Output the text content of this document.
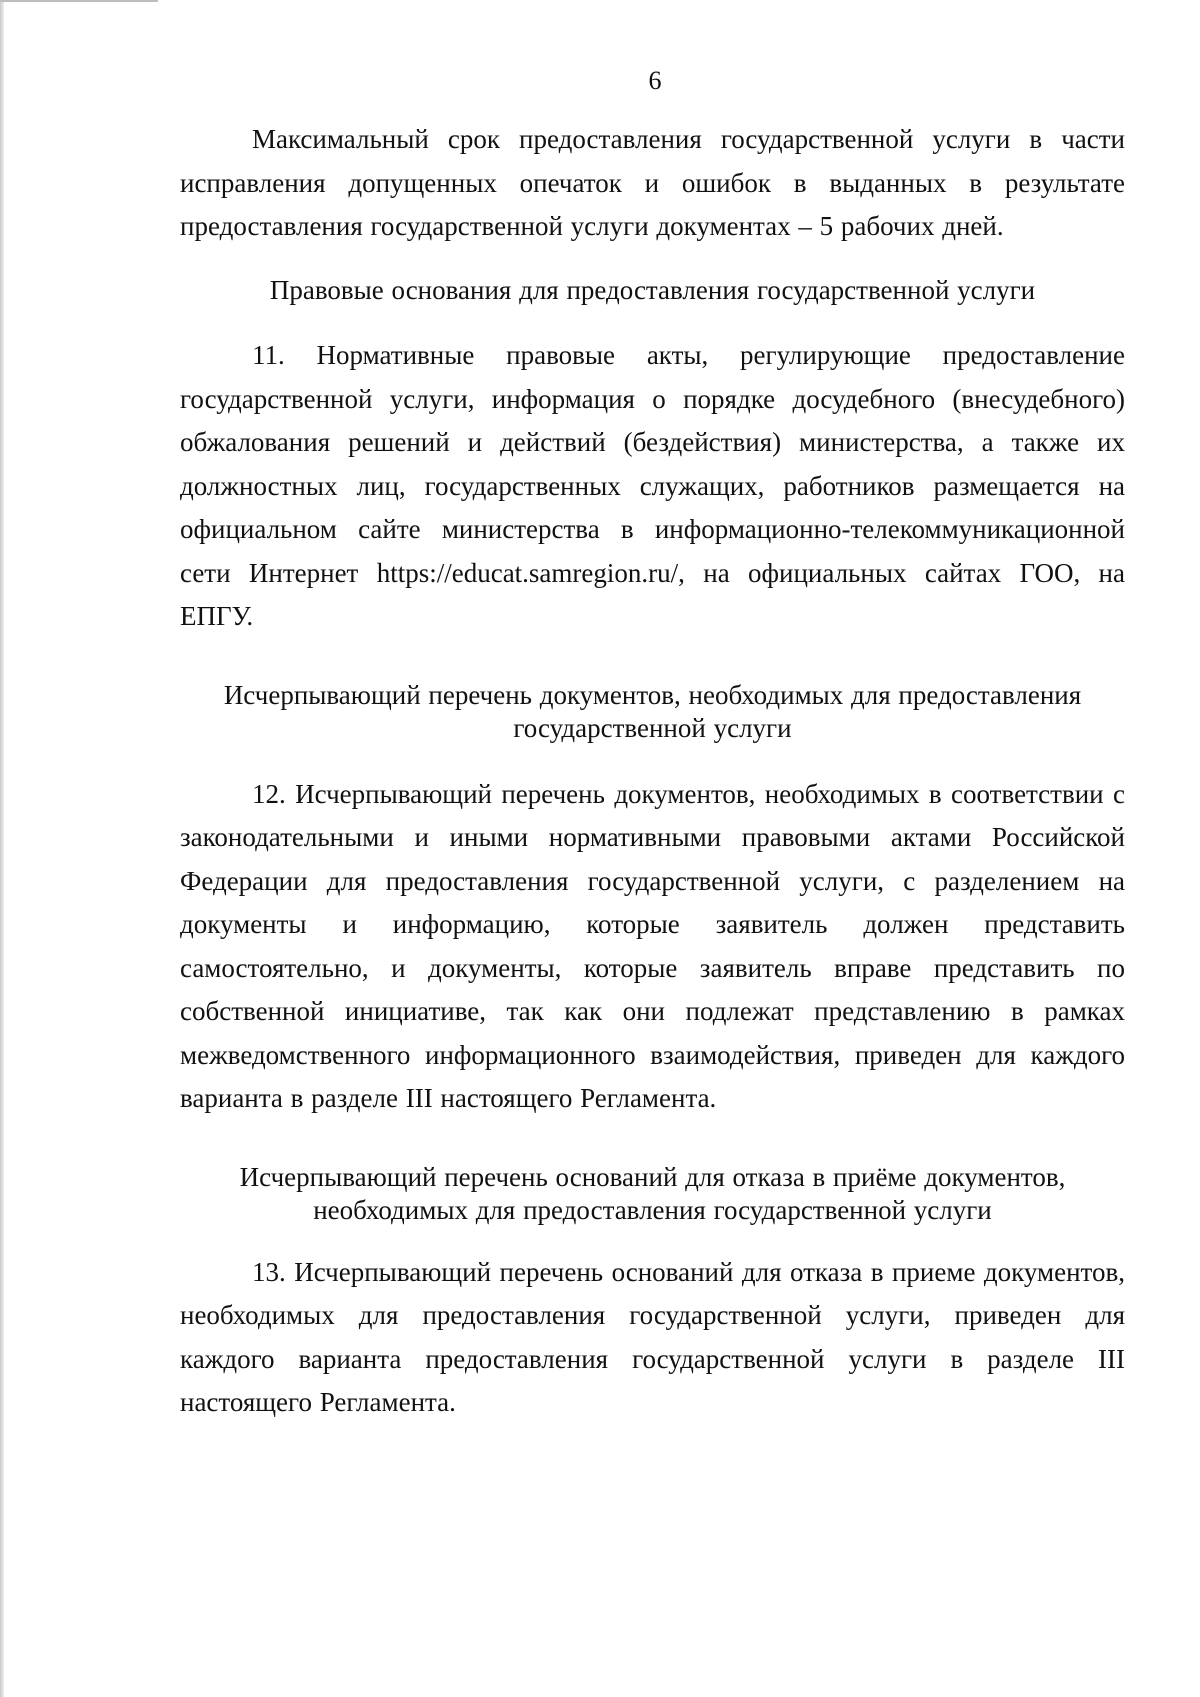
6

Максимальный срок предоставления государственной услуги в части исправления допущенных опечаток и ошибок в выданных в результате предоставления государственной услуги документах – 5 рабочих дней.

Правовые основания для предоставления государственной услуги

11. Нормативные правовые акты, регулирующие предоставление государственной услуги, информация о порядке досудебного (внесудебного) обжалования решений и действий (бездействия) министерства, а также их должностных лиц, государственных служащих, работников размещается на официальном сайте министерства в информационно-телекоммуникационной сети Интернет https://educat.samregion.ru/, на официальных сайтах ГОО, на ЕПГУ.

Исчерпывающий перечень документов, необходимых для предоставления государственной услуги

12. Исчерпывающий перечень документов, необходимых в соответствии с законодательными и иными нормативными правовыми актами Российской Федерации для предоставления государственной услуги, с разделением на документы и информацию, которые заявитель должен представить самостоятельно, и документы, которые заявитель вправе представить по собственной инициативе, так как они подлежат представлению в рамках межведомственного информационного взаимодействия, приведен для каждого варианта в разделе III настоящего Регламента.

Исчерпывающий перечень оснований для отказа в приёме документов, необходимых для предоставления государственной услуги

13. Исчерпывающий перечень оснований для отказа в приеме документов, необходимых для предоставления государственной услуги, приведен для каждого варианта предоставления государственной услуги в разделе III настоящего Регламента.
